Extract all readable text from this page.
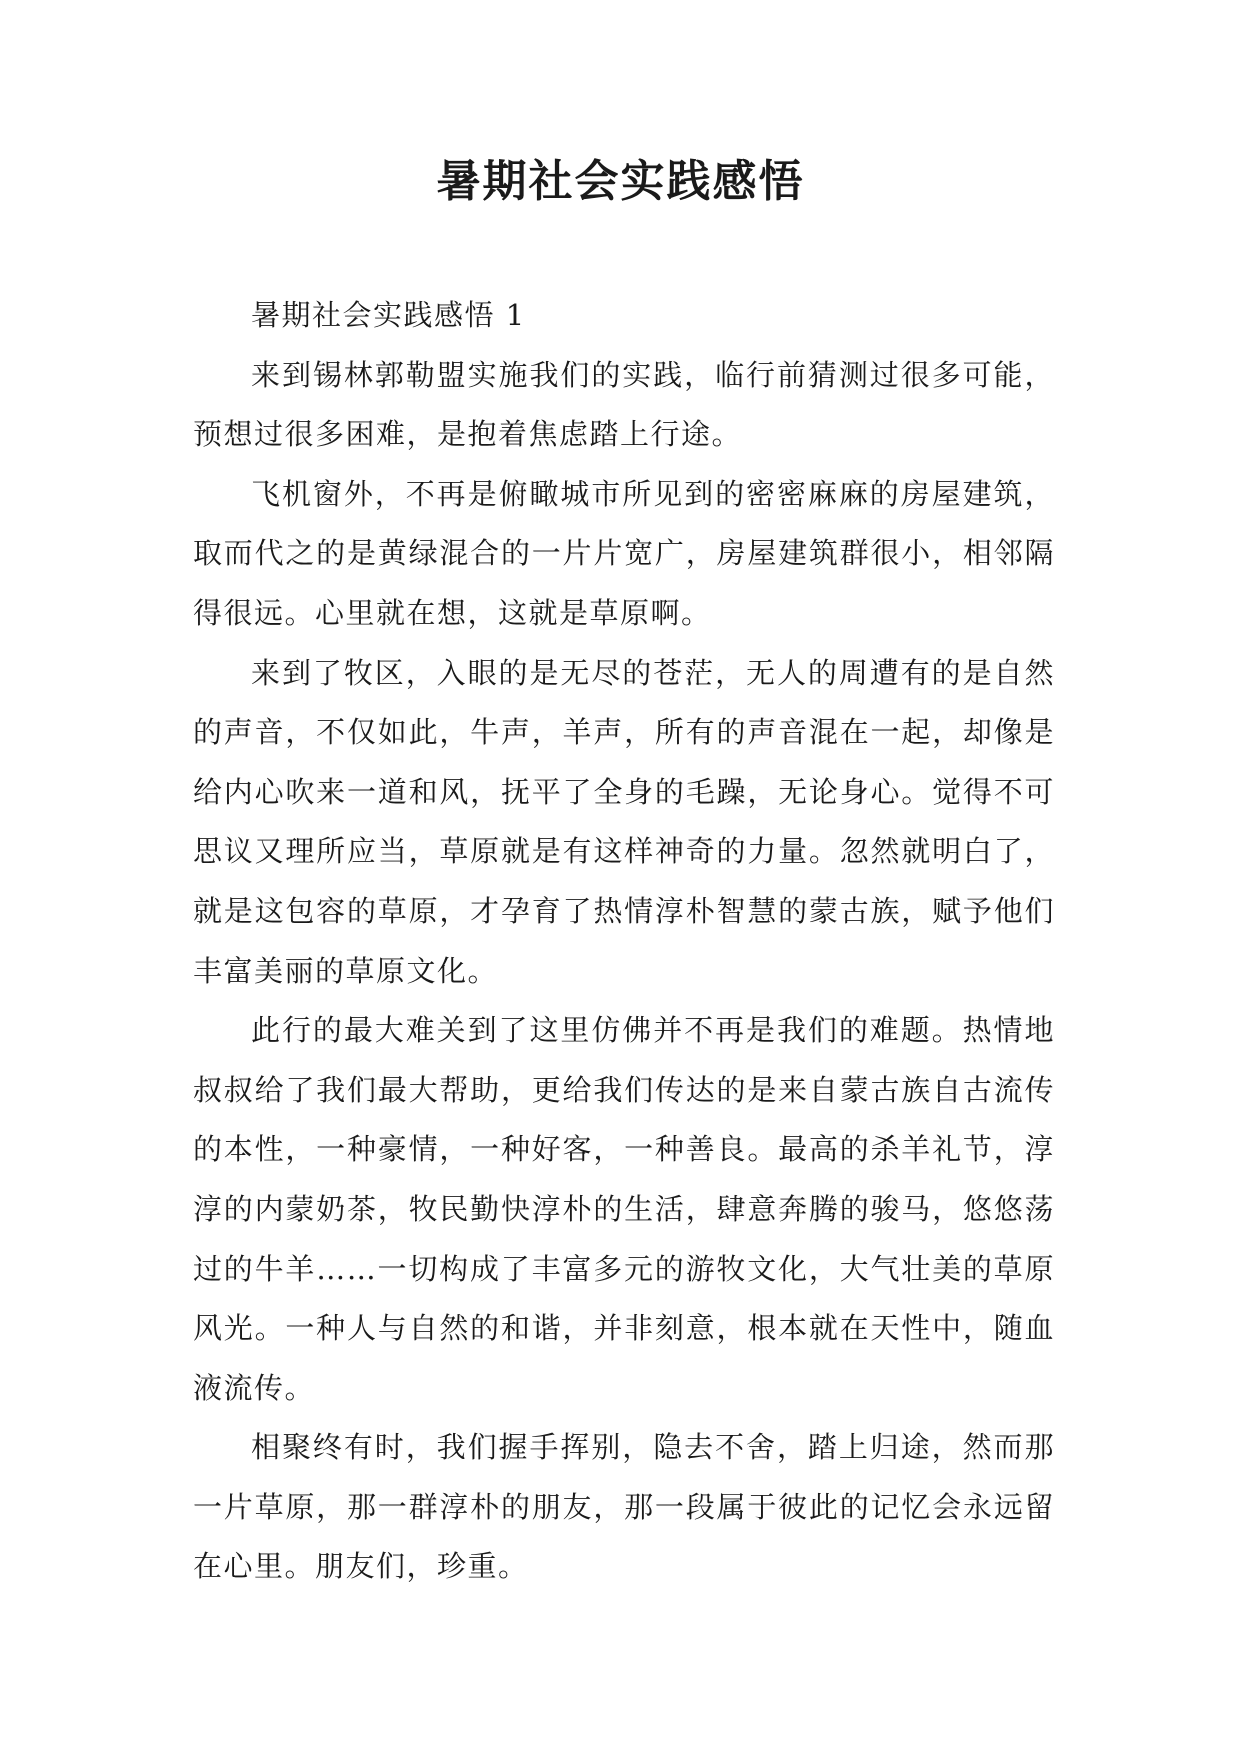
暑期社会实践感悟

暑期社会实践感悟 1

来到锡林郭勒盟实施我们的实践，临行前猜测过很多可能，预想过很多困难，是抱着焦虑踏上行途。

飞机窗外，不再是俯瞰城市所见到的密密麻麻的房屋建筑，取而代之的是黄绿混合的一片片宽广，房屋建筑群很小，相邻隔得很远。心里就在想，这就是草原啊。

来到了牧区，入眼的是无尽的苍茫，无人的周遭有的是自然的声音，不仅如此，牛声，羊声，所有的声音混在一起，却像是给内心吹来一道和风，抚平了全身的毛躁，无论身心。觉得不可思议又理所应当，草原就是有这样神奇的力量。忽然就明白了，就是这包容的草原，才孕育了热情淳朴智慧的蒙古族，赋予他们丰富美丽的草原文化。

此行的最大难关到了这里仿佛并不再是我们的难题。热情地叔叔给了我们最大帮助，更给我们传达的是来自蒙古族自古流传的本性，一种豪情，一种好客，一种善良。最高的杀羊礼节，淳淳的内蒙奶茶，牧民勤快淳朴的生活，肆意奔腾的骏马，悠悠荡过的牛羊……一切构成了丰富多元的游牧文化，大气壮美的草原风光。一种人与自然的和谐，并非刻意，根本就在天性中，随血液流传。

相聚终有时，我们握手挥别，隐去不舍，踏上归途，然而那一片草原，那一群淳朴的朋友，那一段属于彼此的记忆会永远留在心里。朋友们，珍重。
